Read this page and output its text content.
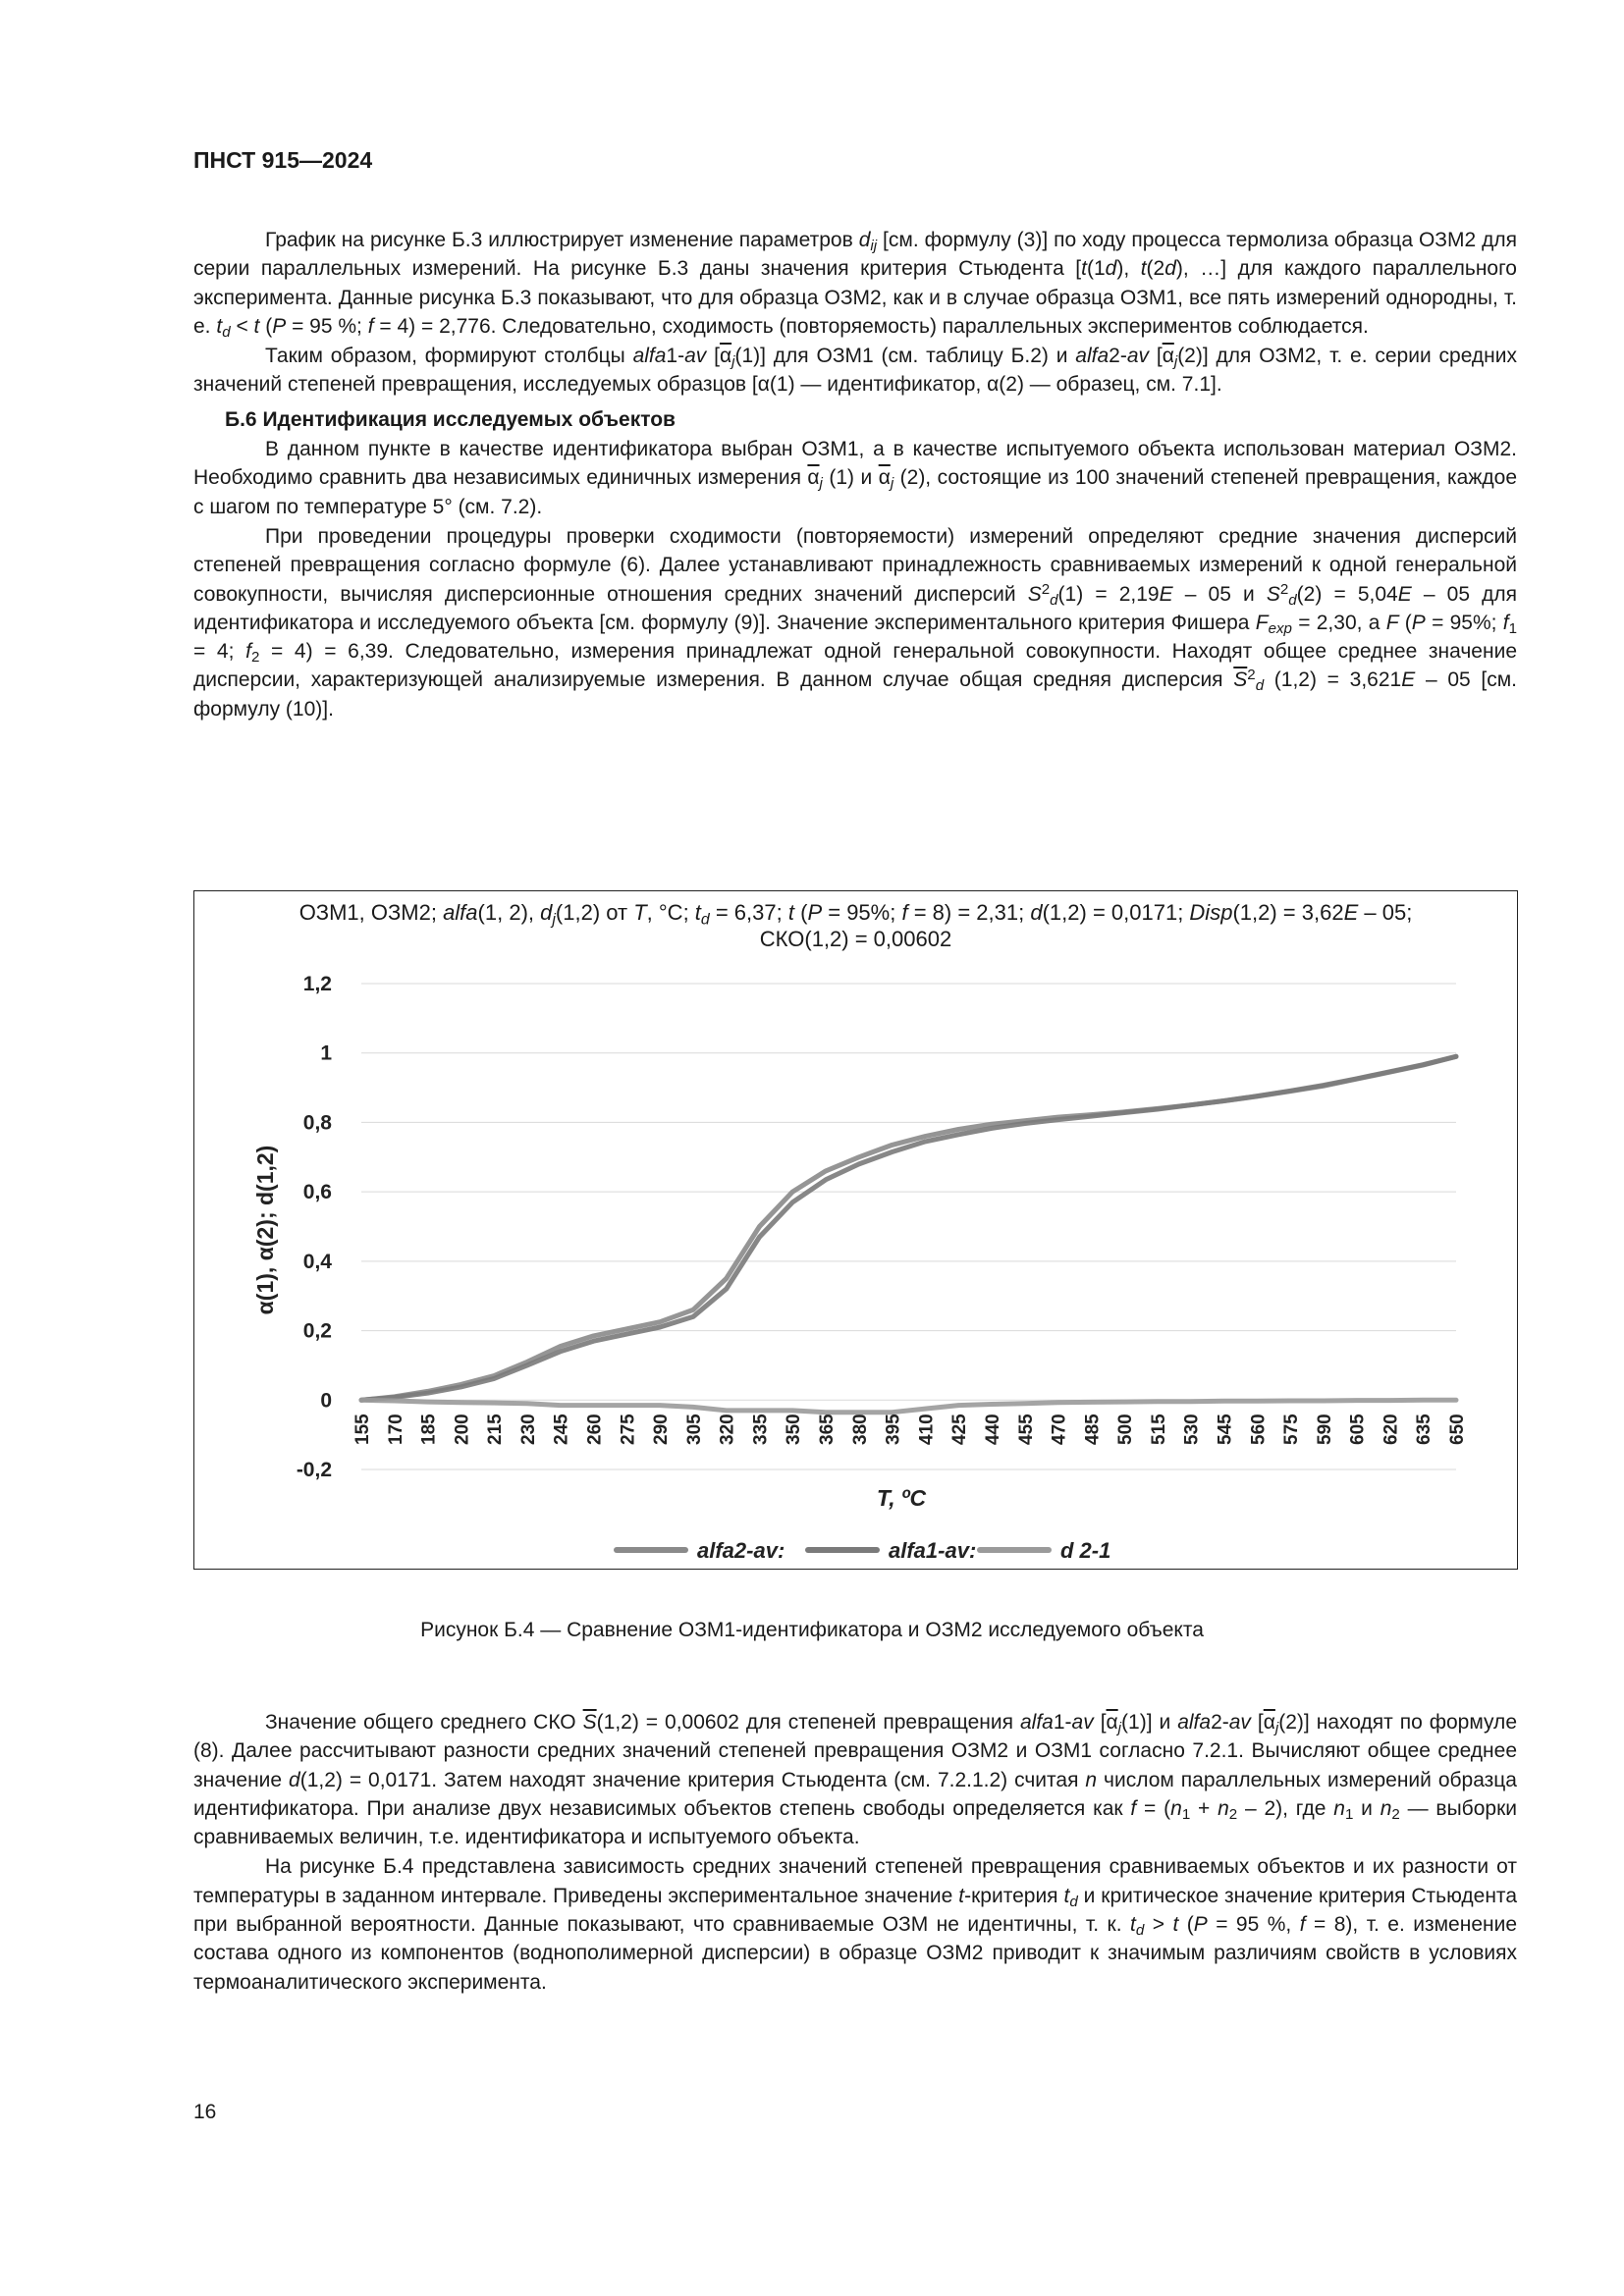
ПНСТ 915—2024

График на рисунке Б.3 иллюстрирует изменение параметров $d_{ij}$ [см. формулу (3)] по ходу процесса термолиза образца ОЗМ2 для серии параллельных измерений. На рисунке Б.3 даны значения критерия Стьюдента [t(1d), t(2d), …] для каждого параллельного эксперимента. Данные рисунка Б.3 показывают, что для образца ОЗМ2, как и в случае образца ОЗМ1, все пять измерений однородны, т. е. $t_d < t$ (P = 95 %; f = 4) = 2,776. Следовательно, сходимость (повторяемость) параллельных экспериментов соблюдается.

Таким образом, формируют столбцы alfa1-av $[\overline{\alpha}_j(1)]$ для ОЗМ1 (см. таблицу Б.2) и alfa2-av $[\overline{\alpha}_j(2)]$ для ОЗМ2, т. е. серии средних значений степеней превращения, исследуемых образцов [α(1) — идентификатор, α(2) — образец, см. 7.1].

Б.6 Идентификация исследуемых объектов

В данном пункте в качестве идентификатора выбран ОЗМ1, а в качестве испытуемого объекта использован материал ОЗМ2. Необходимо сравнить два независимых единичных измерения $\overline{\alpha}_j$ (1) и $\overline{\alpha}_j$ (2), состоящие из 100 значений степеней превращения, каждое с шагом по температуре 5° (см. 7.2).

При проведении процедуры проверки сходимости (повторяемости) измерений определяют средние значения дисперсий степеней превращения согласно формуле (6). Далее устанавливают принадлежность сравниваемых измерений к одной генеральной совокупности, вычисляя дисперсионные отношения средних значений дисперсий $S^2_d(1) = 2,19E - 05$ и $S^2_d(2) = 5,04E - 05$ для идентификатора и исследуемого объекта [см. формулу (9)]. Значение экспериментального критерия Фишера $F_{exp} = 2,30$, а F (P = 95%; $f_1 = 4$; $f_2 = 4) = 6,39$. Следовательно, измерения принадлежат одной генеральной совокупности. Находят общее среднее значение дисперсии, характеризующей анализируемые измерения. В данном случае общая средняя дисперсия $\overline{S}^2_d$ (1,2) = 3,621E – 05 [см. формулу (10)].

ОЗМ1, ОЗМ2; alfa(1, 2), $d_j(1,2)$ от T, °С; $t_d = 6,37$; t (P = 95%; f = 8) = 2,31; d(1,2) = 0,0171; Disp(1,2) = 3,62E – 05;
СКО(1,2) = 0,00602
-0,2
0
0,2
0,4
0,6
0,8
1
1,2
155 170 185 200 215 230 245 260 275 290 305 320 335 350 365 380 395 410 425 440 455 470 485 500 515 530 545 560 575 590 605 620 635 650
T, ºC
α(1), α(2); d(1,2)
alfa2-av:	alfa1-av:	d 2-1
Рисунок Б.4 — Сравнение ОЗМ1-идентификатора и ОЗМ2 исследуемого объекта

Значение общего среднего СКО $\overline{S}(1,2) = 0,00602$ для степеней превращения alfa1-av $[\overline{\alpha}_j(1)]$ и alfa2-av $[\overline{\alpha}_j(2)]$ находят по формуле (8). Далее рассчитывают разности средних значений степеней превращения ОЗМ2 и ОЗМ1 согласно 7.2.1. Вычисляют общее среднее значение d(1,2) = 0,0171. Затем находят значение критерия Стьюдента (см. 7.2.1.2) считая n числом параллельных измерений образца идентификатора. При анализе двух независимых объектов степень свободы определяется как $f = (n_1 + n_2 - 2)$, где $n_1$ и $n_2$ — выборки сравниваемых величин, т.е. идентификатора и испытуемого объекта.

На рисунке Б.4 представлена зависимость средних значений степеней превращения сравниваемых объектов и их разности от температуры в заданном интервале. Приведены экспериментальное значение t-критерия $t_d$ и критическое значение критерия Стьюдента при выбранной вероятности. Данные показывают, что сравниваемые ОЗМ не идентичны, т. к. $t_d > t$ (P = 95 %, f = 8), т. е. изменение состава одного из компонентов (воднополимерной дисперсии) в образце ОЗМ2 приводит к значимым различиям свойств в условиях термоаналитического эксперимента.

16
